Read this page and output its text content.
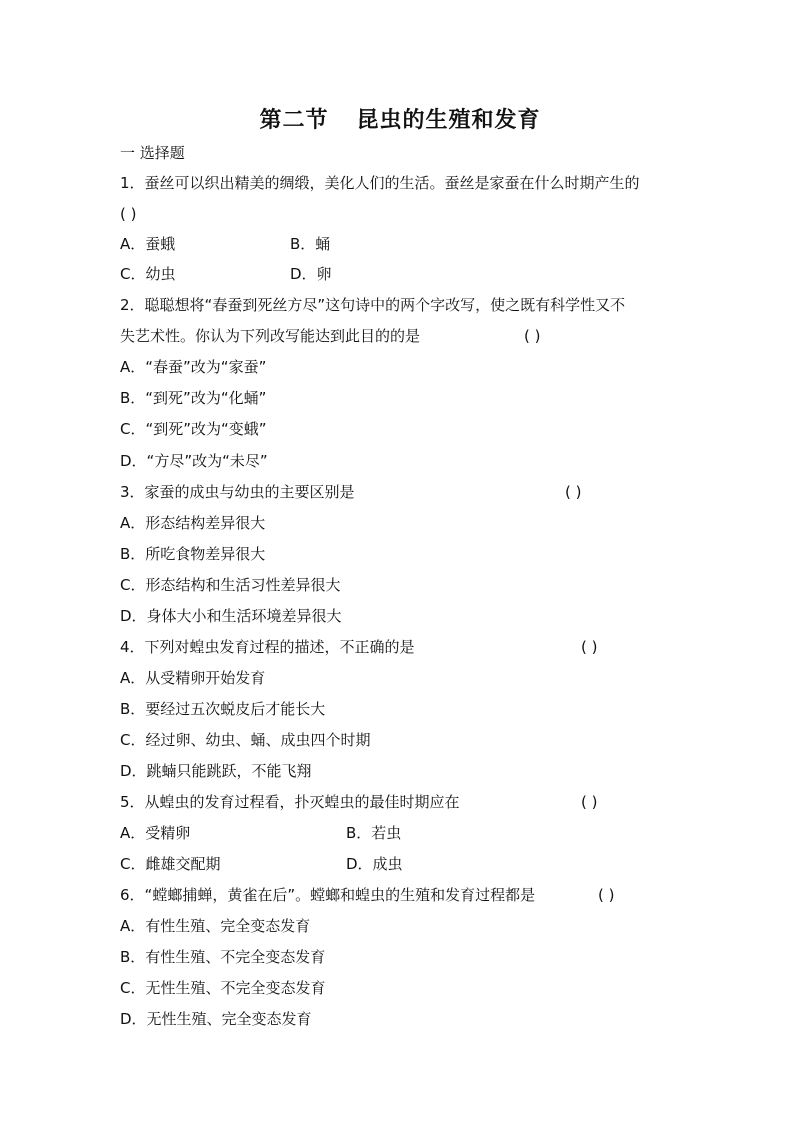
第二节 昆虫的生殖和发育
一 选择题
1．蚕丝可以织出精美的绸缎，美化人们的生活。蚕丝是家蚕在什么时期产生的
( )
A．蚕蛾	B．蛹
C．幼虫	D．卵
2．聪聪想将“春蚕到死丝方尽”这句诗中的两个字改写，使之既有科学性又不
失艺术性。你认为下列改写能达到此目的的是	( )
A．“春蚕”改为“家蚕”
B．“到死”改为“化蛹”
C．“到死”改为“变蛾”
D．“方尽”改为“未尽”
3．家蚕的成虫与幼虫的主要区别是	( )
A．形态结构差异很大
B．所吃食物差异很大
C．形态结构和生活习性差异很大
D．身体大小和生活环境差异很大
4．下列对蝗虫发育过程的描述，不正确的是	( )
A．从受精卵开始发育
B．要经过五次蜕皮后才能长大
C．经过卵、幼虫、蛹、成虫四个时期
D．跳蝻只能跳跃，不能飞翔
5．从蝗虫的发育过程看，扑灭蝗虫的最佳时期应在	( )
A．受精卵	B．若虫
C．雌雄交配期	D．成虫
6．“螳螂捕蝉，黄雀在后”。螳螂和蝗虫的生殖和发育过程都是	( )
A．有性生殖、完全变态发育
B．有性生殖、不完全变态发育
C．无性生殖、不完全变态发育
D．无性生殖、完全变态发育
